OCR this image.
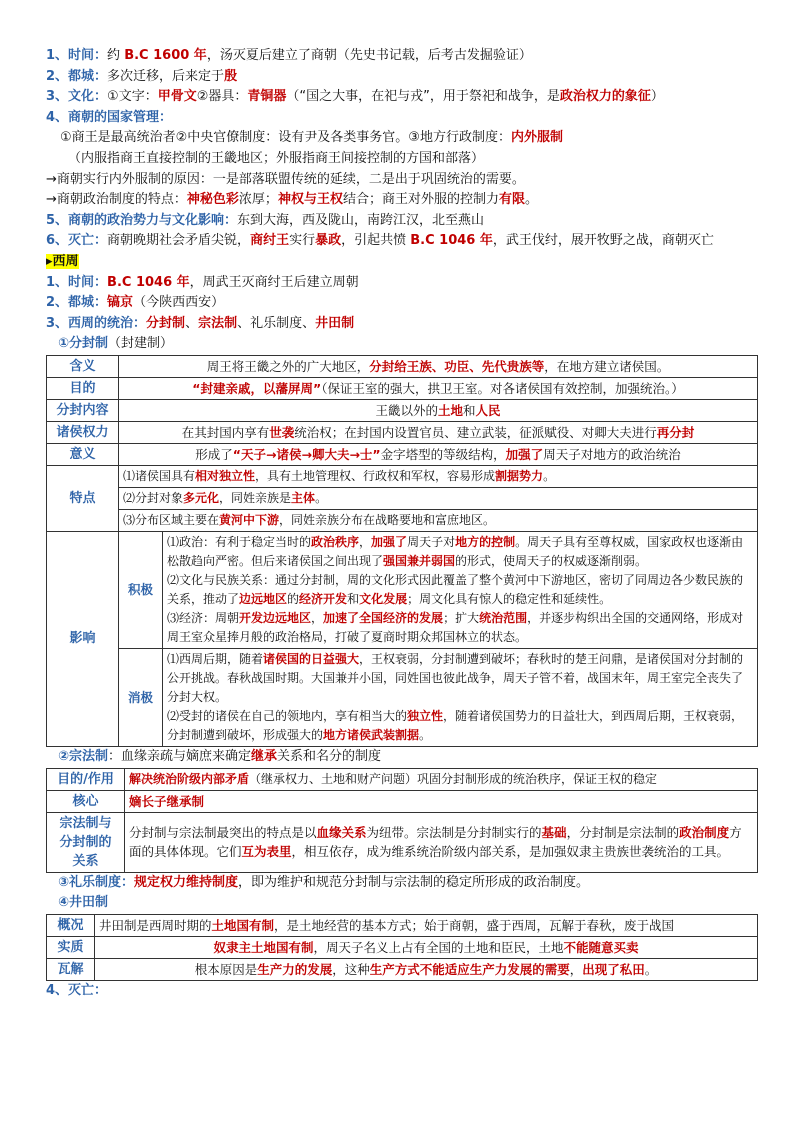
1、时间：约 B.C 1600 年，汤灭夏后建立了商朝（先史书记载，后考古发掘验证）
2、都城：多次迁移，后来定于殷
3、文化：①文字：甲骨文②器具：青铜器（“国之大事，在祀与戎”，用于祭祀和战争，是政治权力的象征）
4、商朝的国家管理：
①商王是最高统治者②中央官僚制度：设有尹及各类事务官。③地方行政制度：内外服制
（内服指商王直接控制的王畿地区；外服指商王间接控制的方国和部落）
→商朝实行内外服制的原因：一是部落联盟传统的延续，二是出于巩固统治的需要。
→商朝政治制度的特点：神秘色彩浓厚；神权与王权结合；商王对外服的控制力有限。
5、商朝的政治势力与文化影响：东到大海，西及陇山，南跨江汉，北至燕山
6、灭亡：商朝晚期社会矛盾尖锐，商纣王实行暴政，引起共愤 B.C 1046 年，武王伐纣，展开牧野之战，商朝灭亡
▸西周
1、时间：B.C 1046 年，周武王灭商纣王后建立周朝
2、都城：镐京（今陕西西安）
3、西周的统治：分封制、宗法制、礼乐制度、井田制
①分封制（封建制）
含义	周王将王畿之外的广大地区，分封给王族、功臣、先代贵族等，在地方建立诸侯国。	
目的	“封建亲戚，以藩屏周”（保证王室的强大，拱卫王室。对各诸侯国有效控制，加强统治。）	
分封内容	王畿以外的土地和人民	
诸侯权力	在其封国内享有世袭统治权；在封国内设置官员、建立武装，征派赋役、对卿大夫进行再分封	
意义	形成了“天子→诸侯→卿大夫→士”金字塔型的等级结构，加强了周天子对地方的政治统治	
特点	⑴诸侯国具有相对独立性，具有土地管理权、行政权和军权，容易形成割据势力。	
	⑵分封对象多元化，同姓亲族是主体。	
	⑶分布区域主要在黄河中下游，同姓亲族分布在战略要地和富庶地区。	
影响	积极	⑴政治：有利于稳定当时的政治秩序，加强了周天子对地方的控制。周天子具有至尊权威，国家政权也逐渐由松散趋向严密。但后来诸侯国之间出现了强国兼并弱国的形式，使周天子的权威逐渐削弱。
⑵文化与民族关系：通过分封制，周的文化形式因此覆盖了整个黄河中下游地区，密切了同周边各少数民族的关系，推动了边远地区的经济开发和文化发展；周文化具有惊人的稳定性和延续性。
⑶经济：周朝开发边远地区，加速了全国经济的发展；扩大统治范围，并逐步构织出全国的交通网络，形成对周王室众星捧月般的政治格局，打破了夏商时期众邦国林立的状态。

	消极	⑴西周后期，随着诸侯国的日益强大，王权衰弱，分封制遭到破坏；春秋时的楚王问鼎，是诸侯国对分封制的公开挑战。春秋战国时期。大国兼并小国，同姓国也彼此战争，周天子管不着，战国末年，周王室完全丧失了分封大权。
⑵受封的诸侯在自己的领地内，享有相当大的独立性，随着诸侯国势力的日益壮大，到西周后期，王权衰弱，分封制遭到破坏，形成强大的地方诸侯武装割据。
②宗法制：血缘亲疏与嫡庶来确定继承关系和名分的制度
目的/作用	解决统治阶级内部矛盾（继承权力、土地和财产问题）巩固分封制形成的统治秩序，保证王权的稳定
核心	嫡长子继承制

宗法制与
分封制的
关系	分封制与宗法制最突出的特点是以血缘关系为纽带。宗法制是分封制实行的基础，分封制是宗法制的政治制度方面的具体体现。它们互为表里，相互依存，成为维系统治阶级内部关系，是加强奴隶主贵族世袭统治的工具。
③礼乐制度：规定权力维持制度，即为维护和规范分封制与宗法制的稳定所形成的政治制度。
④井田制
概况	井田制是西周时期的土地国有制，是土地经营的基本方式；始于商朝，盛于西周，瓦解于春秋，废于战国
实质	奴隶主土地国有制，周天子名义上占有全国的土地和臣民，土地不能随意买卖
瓦解	根本原因是生产力的发展，这种生产方式不能适应生产力发展的需要，出现了私田。
4、灭亡：
